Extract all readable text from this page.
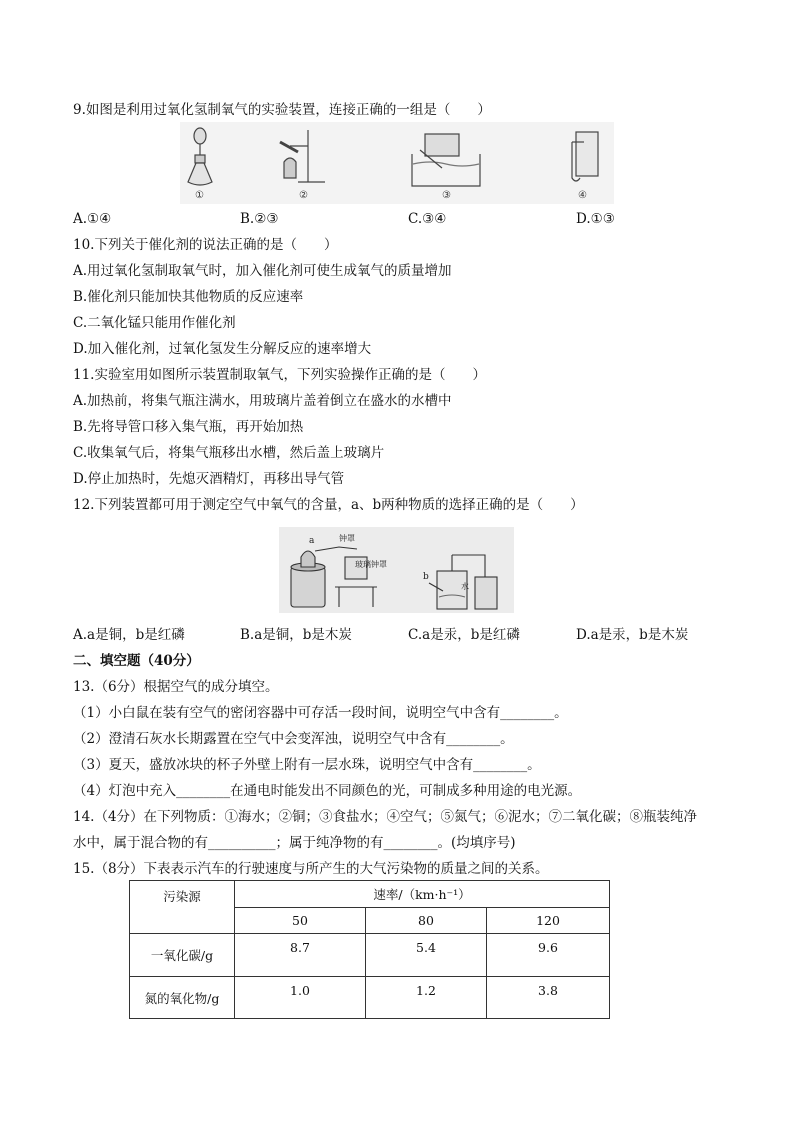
9.如图是利用过氧化氢制氧气的实验装置，连接正确的一组是（　　）
①	②	③	④
A.①④	B.②③	C.③④	D.①③
10.下列关于催化剂的说法正确的是（　　）
A.用过氧化氢制取氧气时，加入催化剂可使生成氧气的质量增加
B.催化剂只能加快其他物质的反应速率
C.二氧化锰只能用作催化剂
D.加入催化剂，过氧化氢发生分解反应的速率增大
11.实验室用如图所示装置制取氧气，下列实验操作正确的是（　　）
A.加热前，将集气瓶注满水，用玻璃片盖着倒立在盛水的水槽中
B.先将导管口移入集气瓶，再开始加热
C.收集氧气后，将集气瓶移出水槽，然后盖上玻璃片
D.停止加热时，先熄灭酒精灯，再移出导气管
12.下列装置都可用于测定空气中氧气的含量，a、b两种物质的选择正确的是（　　）
a	钟罩
玻璃钟罩
b
水
A.a是铜，b是红磷	B.a是铜，b是木炭	C.a是汞，b是红磷	D.a是汞，b是木炭
二、填空题（40分）
13.（6分）根据空气的成分填空。
（1）小白鼠在装有空气的密闭容器中可存活一段时间，说明空气中含有________。
（2）澄清石灰水长期露置在空气中会变浑浊，说明空气中含有________。
（3）夏天，盛放冰块的杯子外壁上附有一层水珠，说明空气中含有________。
（4）灯泡中充入________在通电时能发出不同颜色的光，可制成多种用途的电光源。
14.（4分）在下列物质：①海水；②铜；③食盐水；④空气；⑤氮气；⑥泥水；⑦二氧化碳；⑧瓶装纯净
水中，属于混合物的有__________；属于纯净物的有________。(均填序号)
15.（8分）下表表示汽车的行驶速度与所产生的大气污染物的质量之间的关系。
污染源	速率/（km·h⁻¹）		
	50	80	120
一氧化碳/g	8.7	5.4	9.6
氮的氧化物/g	1.0	1.2	3.8
